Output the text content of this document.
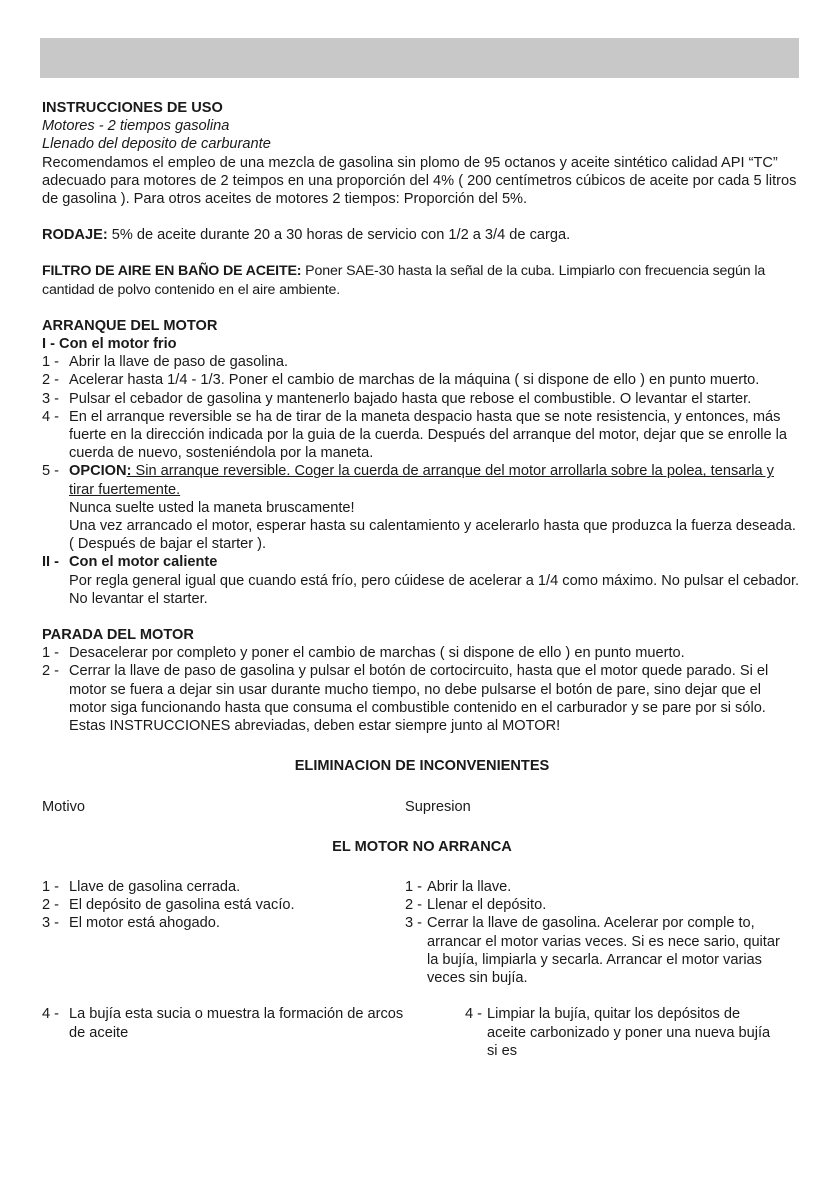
INSTRUCCIONES DE USO

Motores - 2 tiempos gasolina

Llenado del deposito de carburante

Recomendamos el empleo de una mezcla de gasolina sin plomo de 95 octanos y aceite sintético calidad API “TC” adecuado para motores de 2 teimpos en una proporción del 4% ( 200 centímetros cúbicos de aceite por cada 5 litros de gasolina ). Para otros aceites de motores 2 tiempos: Proporción del 5%.

RODAJE: 5% de aceite durante 20 a 30 horas de servicio con 1/2 a 3/4 de carga.

FILTRO DE AIRE EN BAÑO DE ACEITE: Poner SAE-30 hasta la señal de la cuba. Limpiarlo con frecuencia según la cantidad de polvo contenido en el aire ambiente.

ARRANQUE DEL MOTOR

I - Con el motor frio

1 - Abrir la llave de paso de gasolina.
2 - Acelerar hasta 1/4 - 1/3. Poner el cambio de marchas de la máquina ( si dispone de ello ) en punto muerto.
3 - Pulsar el cebador de gasolina y mantenerlo bajado hasta que rebose el combustible. O levantar el starter.
4 - En el arranque reversible se ha de tirar de la maneta despacio hasta que se note resistencia, y entonces, más fuerte en la dirección indicada por la guia de la cuerda. Después del arranque del motor, dejar que se enrolle la cuerda de nuevo, sosteniéndola por la maneta.
5 - OPCION: Sin arranque reversible. Coger la cuerda de arranque del motor arrollarla sobre la polea, tensarla y tirar fuertemente.

Nunca suelte usted la maneta bruscamente!

Una vez arrancado el motor, esperar hasta su calentamiento y acelerarlo hasta que produzca la fuerza deseada.

( Después de bajar el starter ).

II - Con el motor caliente

Por regla general igual que cuando está frío, pero cúidese de acelerar a 1/4 como máximo. No pulsar el cebador. No levantar el starter.

PARADA DEL MOTOR

1 - Desacelerar por completo y poner el cambio de marchas ( si dispone de ello ) en punto muerto.
2 - Cerrar la llave de paso de gasolina y pulsar el botón de cortocircuito, hasta que el motor quede parado. Si el motor se fuera a dejar sin usar durante mucho tiempo, no debe pulsarse el botón de pare, sino dejar que el motor siga funcionando hasta que consuma el combustible contenido en el carburador y se pare por si sólo.

Estas INSTRUCCIONES abreviadas, deben estar siempre junto al MOTOR!

ELIMINACION DE INCONVENIENTES

Motivo	Supresion

EL MOTOR NO ARRANCA

1 - Llave de gasolina cerrada.	1 - Abrir la llave.
2 - El depósito de gasolina está vacío.	2 - Llenar el depósito.
3 - El motor está ahogado.	3 - Cerrar la llave de gasolina. Acelerar por comple to, arrancar el motor varias veces. Si es nece sario, quitar la bujía, limpiarla y secarla. Arrancar el motor varias veces sin bujía.
4 - La bujía esta sucia o muestra la formación de arcos de aceite
4 - Limpiar la bujía, quitar los depósitos de aceite carbonizado y poner una nueva bujía si es
